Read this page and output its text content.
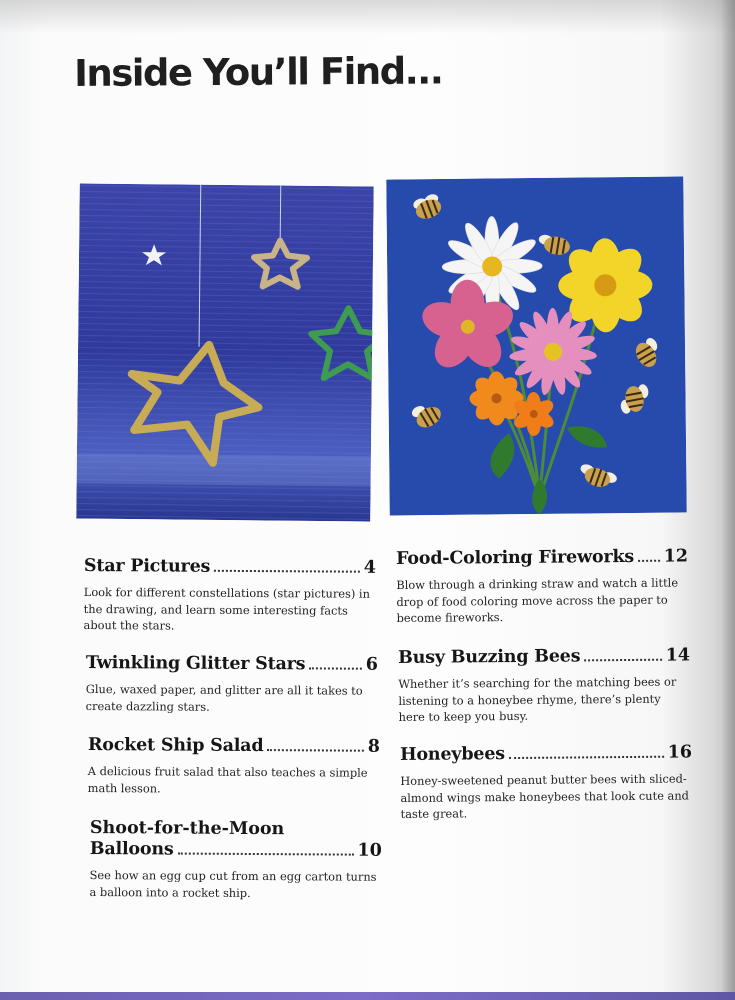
Inside You’ll Find...
Star Pictures	4
Look for different constellations (star pictures) in the drawing, and learn some interesting facts about the stars.
Twinkling Glitter Stars	6
Glue, waxed paper, and glitter are all it takes to create dazzling stars.
Rocket Ship Salad	8
A delicious fruit salad that also teaches a simple math lesson.
Shoot-for-the-Moon
Balloons	10
See how an egg cup cut from an egg carton turns a balloon into a rocket ship.
Food-Coloring Fireworks 12
Blow through a drinking straw and watch a little drop of food coloring move across the paper to become fireworks.
Busy Buzzing Bees	14
Whether it’s searching for the matching bees or listening to a honeybee rhyme, there’s plenty here to keep you busy.
Honeybees	16
Honey-sweetened peanut butter bees with sliced-almond wings make honeybees that look cute and taste great.
